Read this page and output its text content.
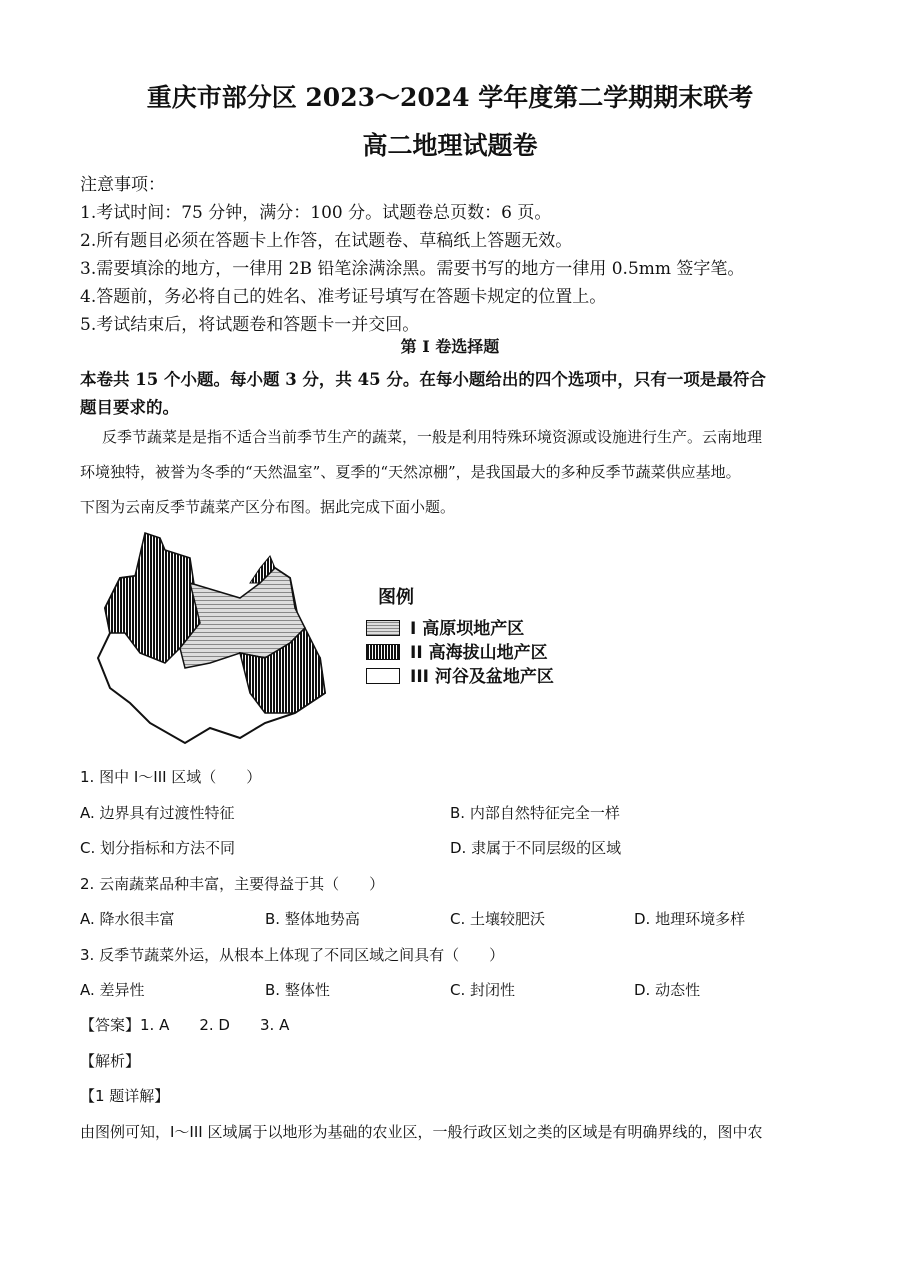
重庆市部分区 2023～2024 学年度第二学期期末联考
高二地理试题卷
注意事项：
1.考试时间：75 分钟，满分：100 分。试题卷总页数：6 页。
2.所有题目必须在答题卡上作答，在试题卷、草稿纸上答题无效。
3.需要填涂的地方，一律用 2B 铅笔涂满涂黑。需要书写的地方一律用 0.5mm 签字笔。
4.答题前，务必将自己的姓名、准考证号填写在答题卡规定的位置上。
5.考试结束后，将试题卷和答题卡一并交回。
第 I 卷选择题
本卷共 15 个小题。每小题 3 分，共 45 分。在每小题给出的四个选项中，只有一项是最符合
题目要求的。
反季节蔬菜是是指不适合当前季节生产的蔬菜，一般是利用特殊环境资源或设施进行生产。云南地理
环境独特，被誉为冬季的“天然温室”、夏季的“天然凉棚”，是我国最大的多种反季节蔬菜供应基地。
下图为云南反季节蔬菜产区分布图。据此完成下面小题。
图例
I 高原坝地产区
II 高海拔山地产区
III 河谷及盆地产区
1. 图中 I～III 区域（　　）
A. 边界具有过渡性特征	B. 内部自然特征完全一样
C. 划分指标和方法不同	D. 隶属于不同层级的区域
2. 云南蔬菜品种丰富，主要得益于其（　　）
A. 降水很丰富	B. 整体地势高	C. 土壤较肥沃	D. 地理环境多样
3. 反季节蔬菜外运，从根本上体现了不同区域之间具有（　　）
A. 差异性	B. 整体性	C. 封闭性	D. 动态性
【答案】1. A　　2. D　　3. A
【解析】
【1 题详解】
由图例可知，I～III 区域属于以地形为基础的农业区，一般行政区划之类的区域是有明确界线的，图中农
